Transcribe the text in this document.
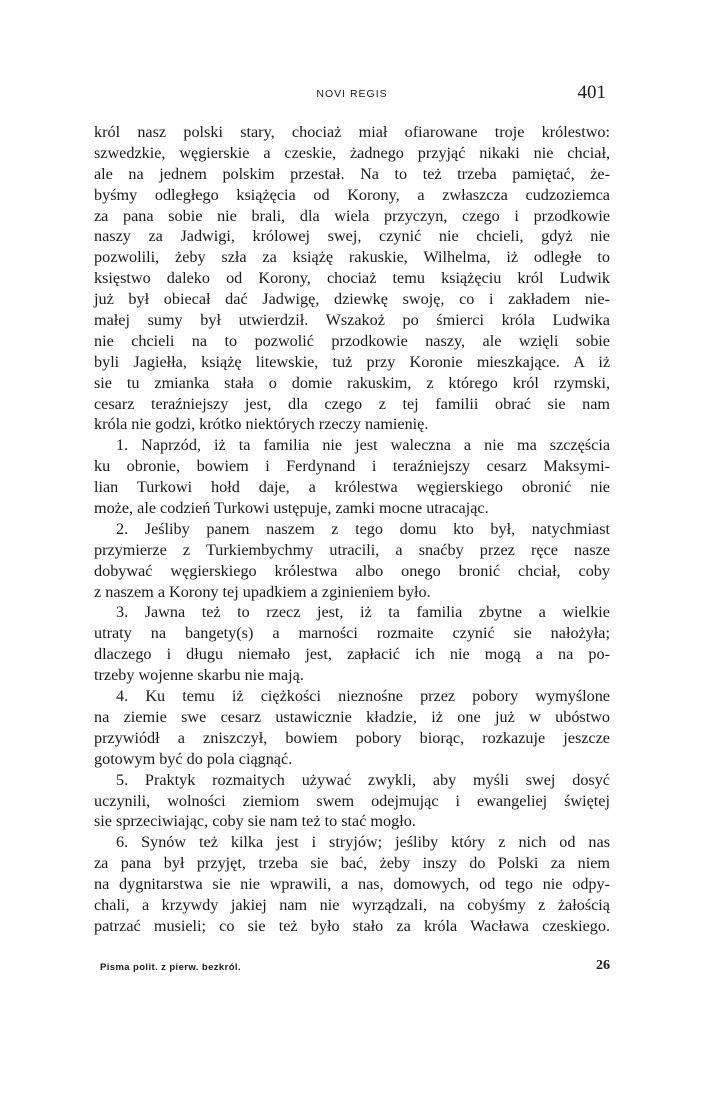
NOVI REGIS	401
król nasz polski stary, chociaż miał ofiarowane troje królestwo:
szwedzkie, węgierskie a czeskie, żadnego przyjąć nikaki nie chciał,
ale na jednem polskim przestał. Na to też trzeba pamiętać, że-
byśmy odległego książęcia od Korony, a zwłaszcza cudzoziemca
za pana sobie nie brali, dla wiela przyczyn, czego i przodkowie
naszy za Jadwigi, królowej swej, czynić nie chcieli, gdyż nie
pozwolili, żeby szła za książę rakuskie, Wilhelma, iż odległe to
księstwo daleko od Korony, chociaż temu książęciu król Ludwik
już był obiecał dać Jadwigę, dziewkę swoję, co i zakładem nie-
małej sumy był utwierdził. Wszakoż po śmierci króla Ludwika
nie chcieli na to pozwolić przodkowie naszy, ale wzięli sobie
byli Jagiełła, książę litewskie, tuż przy Koronie mieszkające. A iż
sie tu zmianka stała o domie rakuskim, z którego król rzymski,
cesarz teraźniejszy jest, dla czego z tej familii obrać sie nam
króla nie godzi, krótko niektórych rzeczy namienię.
1. Naprzód, iż ta familia nie jest waleczna a nie ma szczęścia
ku obronie, bowiem i Ferdynand i teraźniejszy cesarz Maksymi-
lian Turkowi hołd daje, a królestwa węgierskiego obronić nie
może, ale codzień Turkowi ustępuje, zamki mocne utracając.
2. Jeśliby panem naszem z tego domu kto był, natychmiast
przymierze z Turkiembychmy utracili, a snaćby przez ręce nasze
dobywać węgierskiego królestwa albo onego bronić chciał, coby
z naszem a Korony tej upadkiem a zginieniem było.
3. Jawna też to rzecz jest, iż ta familia zbytne a wielkie
utraty na bangety(s) a marności rozmaite czynić sie nałożyła;
dlaczego i długu niemało jest, zapłacić ich nie mogą a na po-
trzeby wojenne skarbu nie mają.
4. Ku temu iż ciężkości nieznośne przez pobory wymyślone
na ziemie swe cesarz ustawicznie kładzie, iż one już w ubóstwo
przywiódł a zniszczył, bowiem pobory biorąc, rozkazuje jeszcze
gotowym być do pola ciągnąć.
5. Praktyk rozmaitych używać zwykli, aby myśli swej dosyć
uczynili, wolności ziemiom swem odejmując i ewangeliej świętej
sie sprzeciwiając, coby sie nam też to stać mogło.
6. Synów też kilka jest i stryjów; jeśliby który z nich od nas
za pana był przyjęt, trzeba sie bać, żeby inszy do Polski za niem
na dygnitarstwa sie nie wprawili, a nas, domowych, od tego nie odpy-
chali, a krzywdy jakiej nam nie wyrządzali, na cobyśmy z żałością
patrzać musieli; co sie też było stało za króla Wacława czeskiego.
Pisma polit. z pierw. bezkról.	26
